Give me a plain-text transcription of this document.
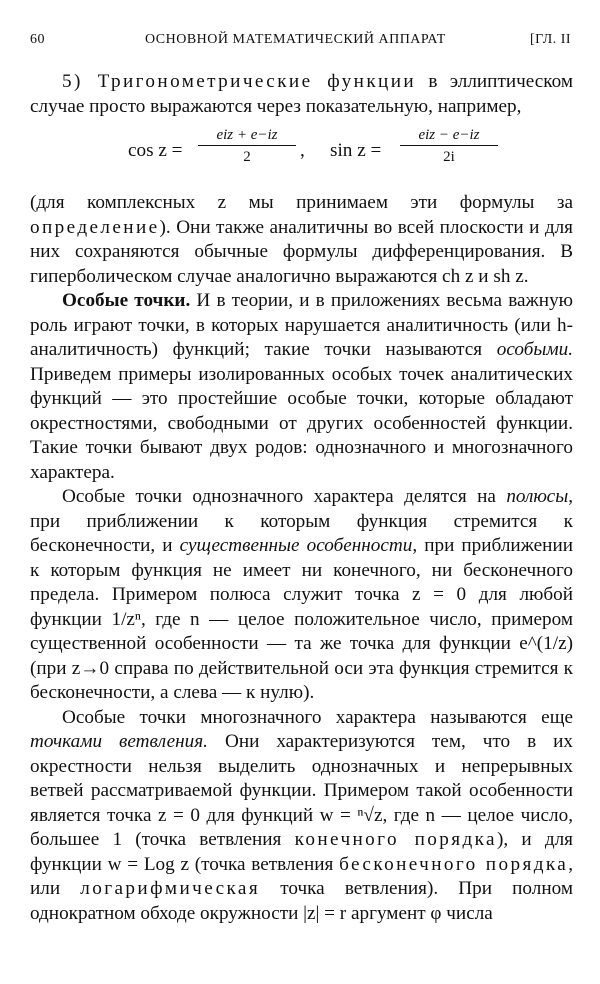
60	ОСНОВНОЙ МАТЕМАТИЧЕСКИЙ АППАРАТ	[ГЛ. II

5) Тригонометрические функции в эллиптическом случае просто выражаются через показательную, например,

cos z =
eiz + e−iz
2	, sin z =
eiz − e−iz
2i

(для комплексных z мы принимаем эти формулы за определение). Они также аналитичны во всей плоскости и для них сохраняются обычные формулы дифференцирования. В гиперболическом случае аналогично выражаются ch z и sh z.

Особые точки. И в теории, и в приложениях весьма важную роль играют точки, в которых нарушается аналитичность (или h-аналитичность) функций; такие точки называются особыми. Приведем примеры изолированных особых точек аналитических функций — это простейшие особые точки, которые обладают окрестностями, свободными от других особенностей функции. Такие точки бывают двух родов: однозначного и многозначного характера.

Особые точки однозначного характера делятся на полюсы, при приближении к которым функция стремится к бесконечности, и существенные особенности, при приближении к которым функция не имеет ни конечного, ни бесконечного предела. Примером полюса служит точка z = 0 для любой функции 1/zⁿ, где n — целое положительное число, примером существенной особенности — та же точка для функции e^(1/z) (при z→0 справа по действительной оси эта функция стремится к бесконечности, а слева — к нулю).

Особые точки многозначного характера называются еще точками ветвления. Они характеризуются тем, что в их окрестности нельзя выделить однозначных и непрерывных ветвей рассматриваемой функции. Примером такой особенности является точка z = 0 для функций w = ⁿ√z, где n — целое число, большее 1 (точка ветвления конечного порядка), и для функции w = Log z (точка ветвления бесконечного порядка, или логарифмическая точка ветвления). При полном однократном обходе окружности |z| = r аргумент φ числа
